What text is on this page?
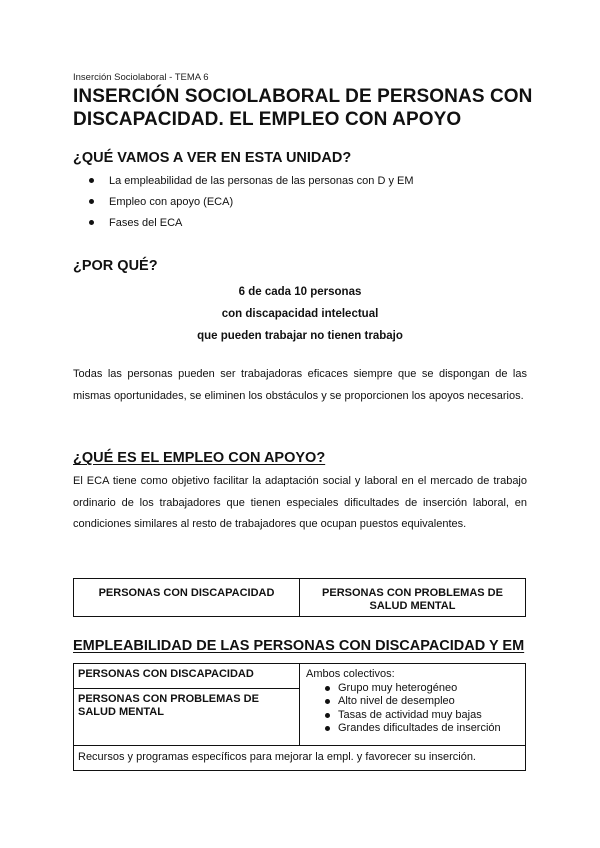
Inserción Sociolaboral - TEMA 6
INSERCIÓN SOCIOLABORAL DE PERSONAS CON
DISCAPACIDAD. EL EMPLEO CON APOYO
¿QUÉ VAMOS A VER EN ESTA UNIDAD?
La empleabilidad de las personas de las personas con D y EM
Empleo con apoyo (ECA)
Fases del ECA
¿POR QUÉ?
6 de cada 10 personas
con discapacidad intelectual
que pueden trabajar no tienen trabajo
Todas las personas pueden ser trabajadoras eficaces siempre que se dispongan de las mismas oportunidades, se eliminen los obstáculos y se proporcionen los apoyos necesarios.
¿QUÉ ES EL EMPLEO CON APOYO?
El ECA tiene como objetivo facilitar la adaptación social y laboral en el mercado de trabajo ordinario de los trabajadores que tienen especiales dificultades de inserción laboral, en condiciones similares al resto de trabajadores que ocupan puestos equivalentes.
PERSONAS CON DISCAPACIDAD	PERSONAS CON PROBLEMAS DE SALUD MENTAL
EMPLEABILIDAD DE LAS PERSONAS CON DISCAPACIDAD Y EM
PERSONAS CON DISCAPACIDAD
PERSONAS CON PROBLEMAS DE SALUD MENTAL
Ambos colectivos:
Grupo muy heterogéneo
Alto nivel de desempleo
Tasas de actividad muy bajas
Grandes dificultades de inserción
Recursos y programas específicos para mejorar la empl. y favorecer su inserción.
